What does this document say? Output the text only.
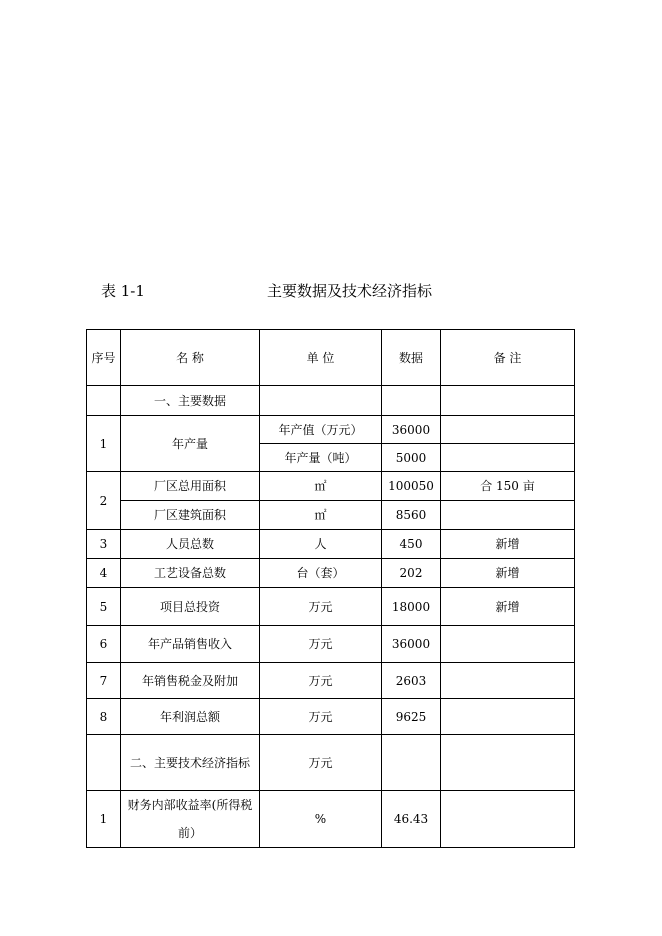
表 1-1	主要数据及技术经济指标
序号	名 称	单 位	数据	备 注
	一、主要数据			
1	年产量	年产值（万元）	36000	
		年产量（吨）	5000	
2	厂区总用面积	㎡	100050	合 150 亩
	厂区建筑面积	㎡	8560	
3	人员总数	人	450	新增
4	工艺设备总数	台（套）	202	新增
5	项目总投资	万元	18000	新增
6	年产品销售收入	万元	36000	
7	年销售税金及附加	万元	2603	
8	年利润总额	万元	9625	
	二、主要技术经济指标	万元		
1	财务内部收益率(所得税前）	%	46.43	
